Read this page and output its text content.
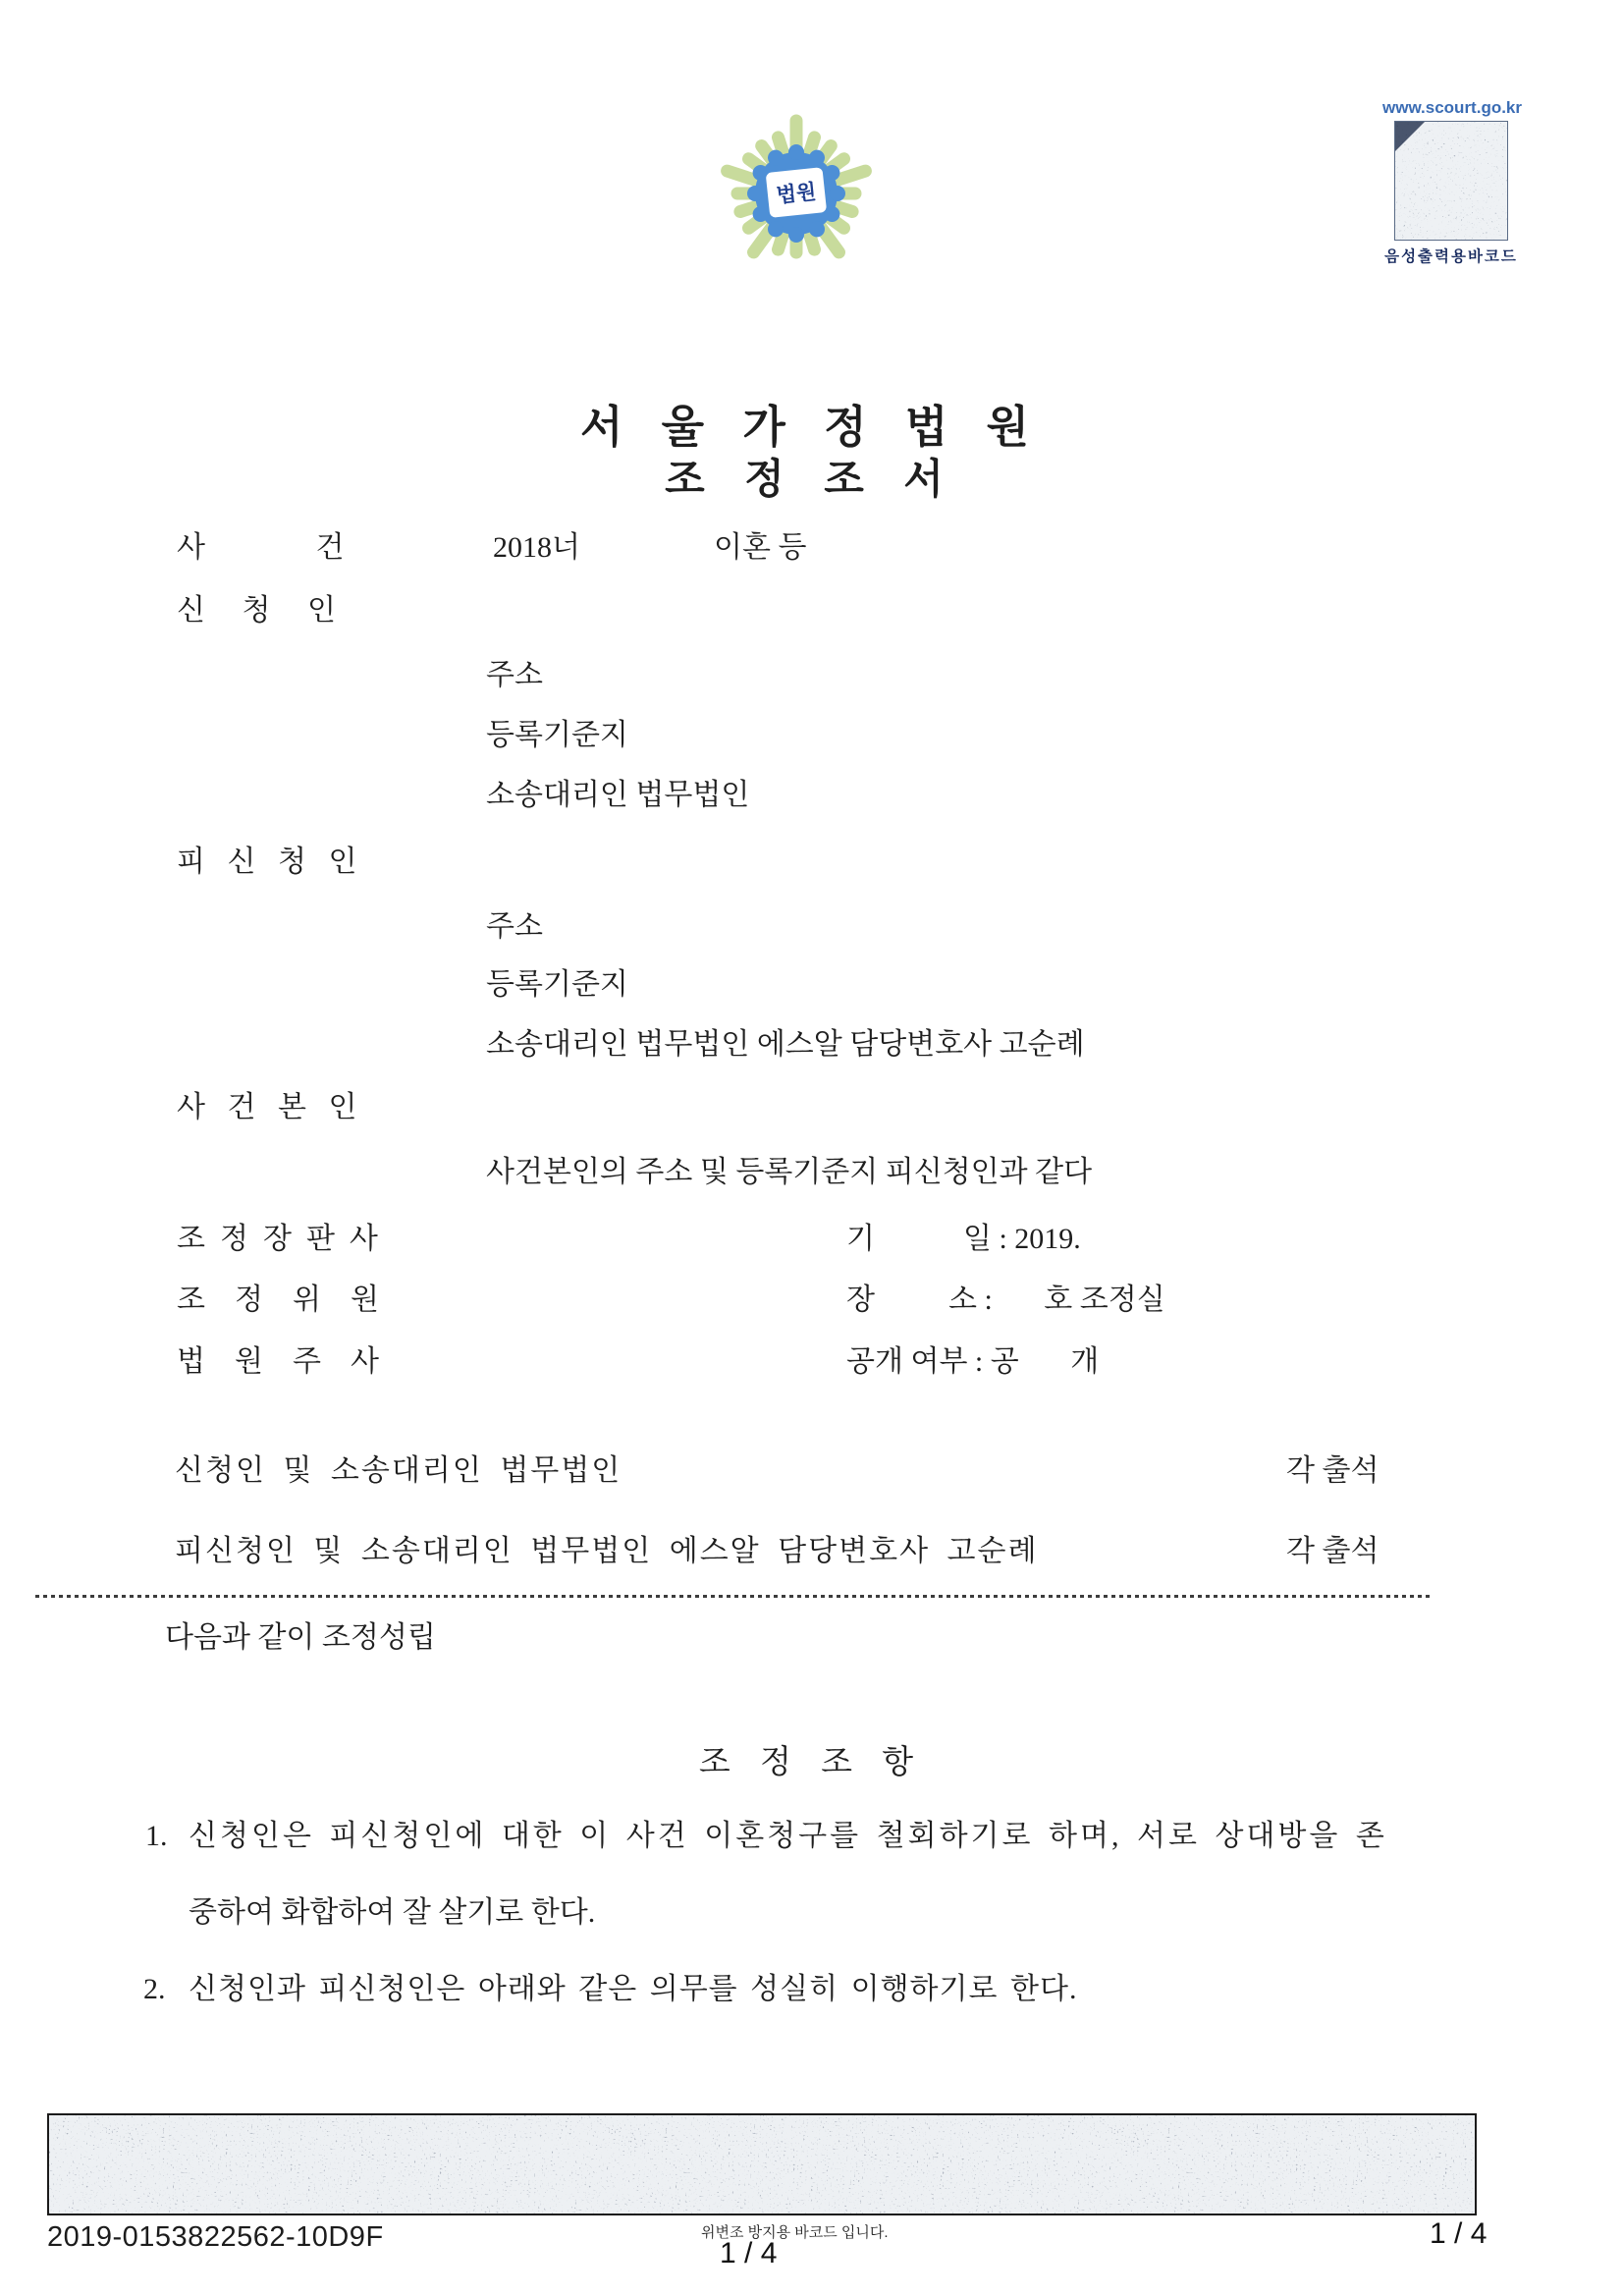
법원
www.scourt.go.kr
음성출력용바코드
서 울 가 정 법 원
조 정 조 서
사               건	2018너	이혼 등
신     청     인
주소
등록기준지
소송대리인 법무법인
피   신   청   인
주소
등록기준지
소송대리인 법무법인 에스알 담당변호사 고순례
사   건   본   인
사건본인의 주소 및 등록기준지 피신청인과 같다
조  정  장  판  사	기            일 : 2019.
조    정    위    원	장          소 :       호 조정실
법    원    주    사	공개 여부 : 공       개
신청인 및 소송대리인 법무법인	각 출석
피신청인 및 소송대리인 법무법인 에스알 담당변호사 고순례	각 출석
다음과 같이 조정성립
조 정 조 항
1. 신청인은 피신청인에 대한 이 사건 이혼청구를 철회하기로 하며, 서로 상대방을 존
중하여 화합하여 잘 살기로 한다.
2. 신청인과 피신청인은 아래와 같은 의무를 성실히 이행하기로 한다.
2019-0153822562-10D9F	위변조 방지용 바코드 입니다.
1 / 4
1 / 4
